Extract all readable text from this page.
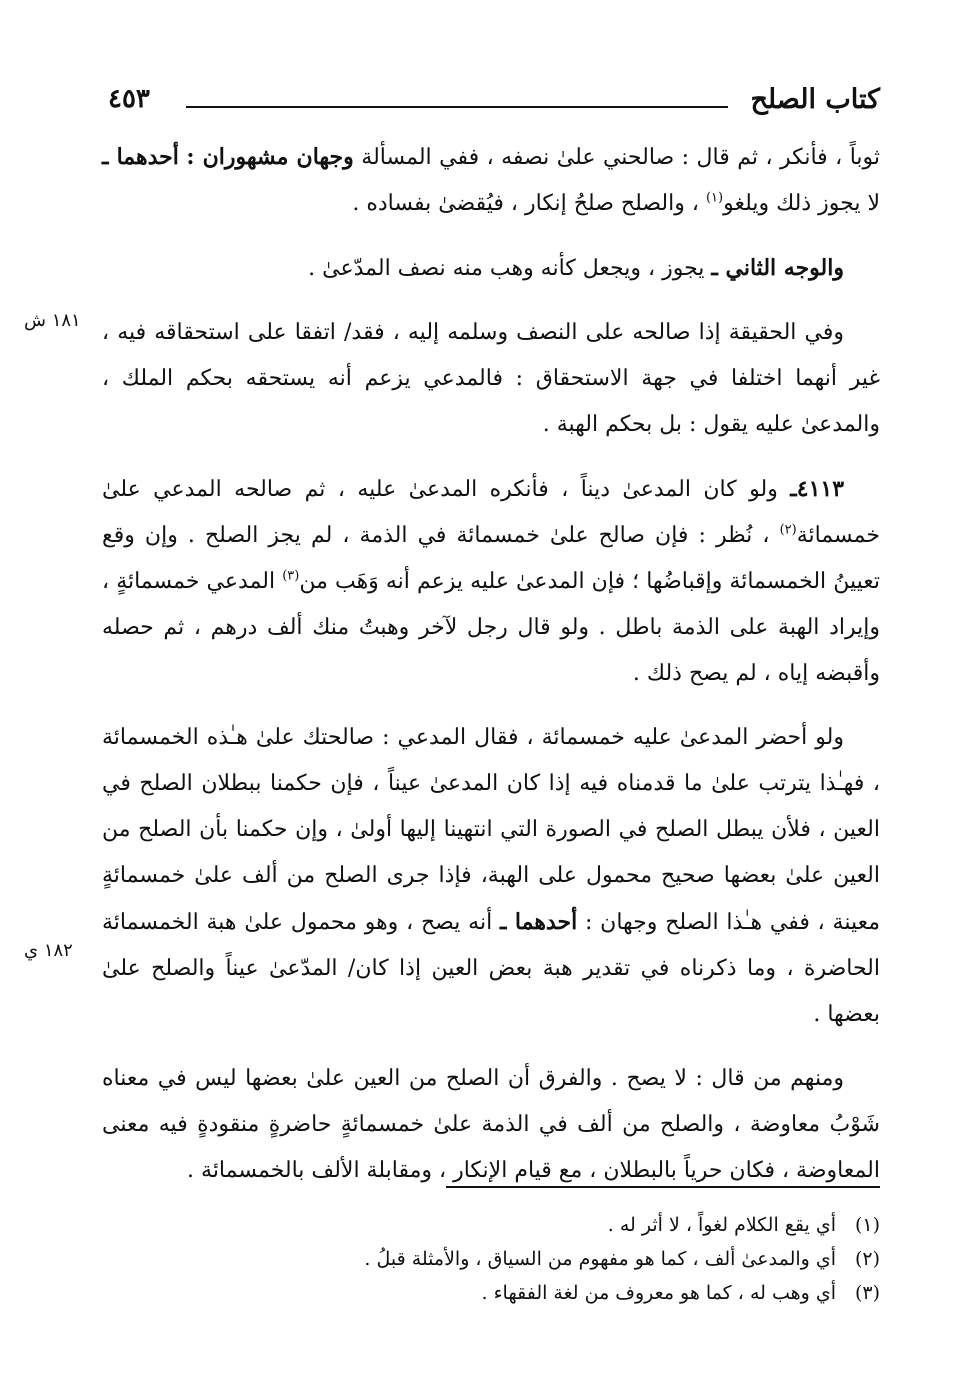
كتاب الصلح
٤٥٣
١٨١ ش
١٨٢ ي

ثوباً ، فأنكر ، ثم قال : صالحني علىٰ نصفه ، ففي المسألة وجهان مشهوران : أحدهما ـ لا يجوز ذلك ويلغو$^{(١)}$ ، والصلح صلحُ إنكار ، فيُقضىٰ بفساده .

والوجه الثاني ـ يجوز ، ويجعل كأنه وهب منه نصف المدّعىٰ .

وفي الحقيقة إذا صالحه على النصف وسلمه إليه ، فقد/ اتفقا على استحقاقه فيه ، غير أنهما اختلفا في جهة الاستحقاق : فالمدعي يزعم أنه يستحقه بحكم الملك ، والمدعىٰ عليه يقول : بل بحكم الهبة .

٤١١٣ـ ولو كان المدعىٰ ديناً ، فأنكره المدعىٰ عليه ، ثم صالحه المدعي علىٰ خمسمائة$^{(٢)}$ ، نُظر : فإن صالح علىٰ خمسمائة في الذمة ، لم يجز الصلح . وإن وقع تعيينُ الخمسمائة وإقباضُها ؛ فإن المدعىٰ عليه يزعم أنه وَهَب من$^{(٣)}$ المدعي خمسمائةٍ ، وإيراد الهبة على الذمة باطل . ولو قال رجل لآخر وهبتُ منك ألف درهم ، ثم حصله وأقبضه إياه ، لم يصح ذلك .

ولو أحضر المدعىٰ عليه خمسمائة ، فقال المدعي : صالحتك علىٰ هـٰذه الخمسمائة ، فهـٰذا يترتب علىٰ ما قدمناه فيه إذا كان المدعىٰ عيناً ، فإن حكمنا ببطلان الصلح في العين ، فلأن يبطل الصلح في الصورة التي انتهينا إليها أولىٰ ، وإن حكمنا بأن الصلح من العين علىٰ بعضها صحيح محمول على الهبة، فإذا جرى الصلح من ألف علىٰ خمسمائةٍ معينة ، ففي هـٰذا الصلح وجهان : أحدهما ـ أنه يصح ، وهو محمول علىٰ هبة الخمسمائة الحاضرة ، وما ذكرناه في تقدير هبة بعض العين إذا كان/ المدّعىٰ عيناً والصلح علىٰ بعضها .

ومنهم من قال : لا يصح . والفرق أن الصلح من العين علىٰ بعضها ليس في معناه شَوْبُ معاوضة ، والصلح من ألف في الذمة علىٰ خمسمائةٍ حاضرةٍ منقودةٍ فيه معنى المعاوضة ، فكان حرياً بالبطلان ، مع قيام الإنكار ، ومقابلة الألف بالخمسمائة .

(١)أي يقع الكلام لغواً ، لا أثر له .
(٢)أي والمدعىٰ ألف ، كما هو مفهوم من السياق ، والأمثلة قبلُ .
(٣)أي وهب له ، كما هو معروف من لغة الفقهاء .
